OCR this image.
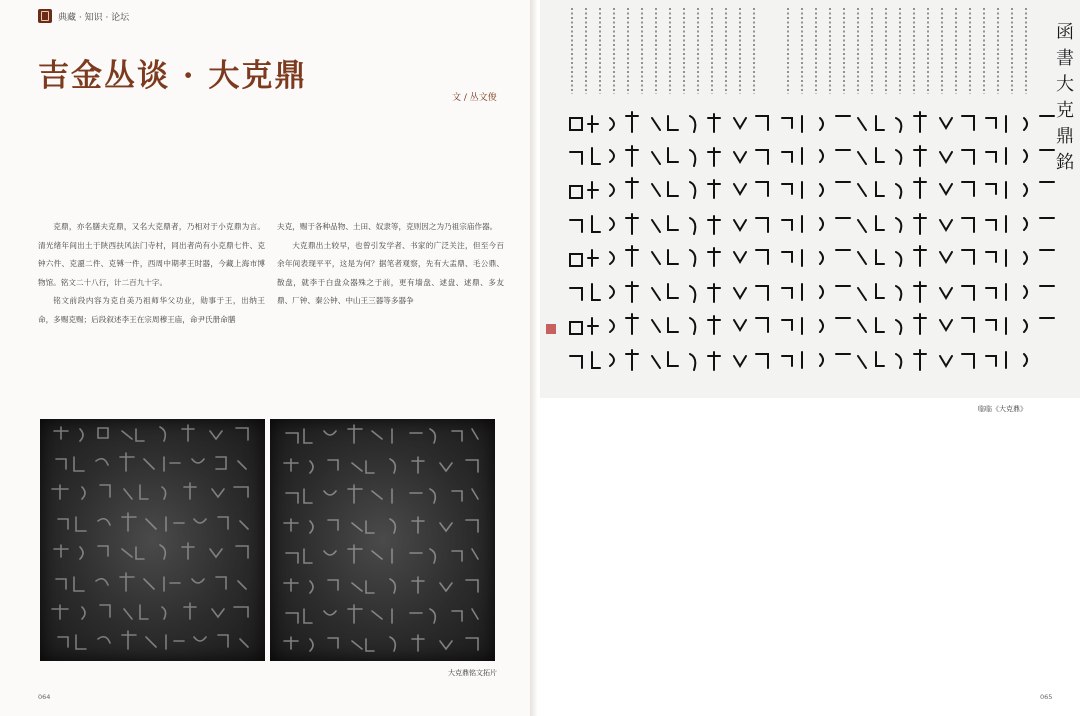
典藏 · 知识 · 论坛
吉金丛谈 · 大克鼎
文 / 丛文俊

克鼎，亦名膳夫克鼎，又名大克鼎者，乃相对于小克鼎为言。清光绪年间出土于陕西扶风法门寺村，同出者尚有小克鼎七件、克钟六件、克盨二件、克镈一件，西周中期孝王时器，今藏上海市博物馆。铭文二十八行，计二百九十字。

铭文前段内容为克自美乃祖师华父功业，勋事于王，出纳王命，多赐克赐；后段叙述李王在宗周穆王庙，命尹氏册命膳

夫克，赐于各种品物、土田、奴隶等，克则因之为乃祖宗庙作器。

大克鼎出土较早，也曾引发学者、书家的广泛关注，但至今百余年间表现平平，这是为何？据笔者观察，先有大盂鼎、毛公鼎、散盘，就李于白盘众器殊之于前，更有墙盘、逑盘、逑鼎、多友鼎、厂钟、秦公钟、中山王三器等多器争

大克鼎铭文拓片
函
書
大
克
鼎
銘
临临《大克鼎》
064	065
